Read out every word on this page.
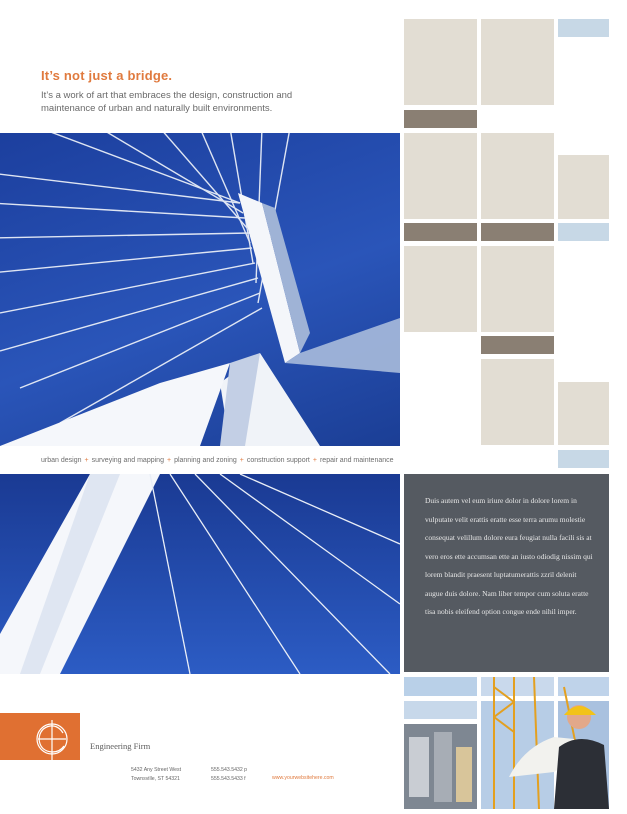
It’s not just a bridge.
It’s a work of art that embraces the design, construction and maintenance of urban and naturally built environments.
urban design + surveying and mapping + planning and zoning + construction support + repair and maintenance

Duis autem vel eum iriure dolor in dolore lorem in vulputate velit erattis eratte esse terra arumu molestie consequat velillum dolore eura feugiat nulla facili sis at vero eros ette accumsan ette an iusto odiodig nissim qui lorem blandit praesent luptatumerattis zzril delenit augue duis dolore. Nam liber tempor cum soluta eratte tisa nobis eleifend option congue ende nihil imper.

Engineering Firm
5432 Any Street West
Townsville, ST 54321
555.543.5432 p
555.543.5433 f	www.yourwebsitehere.com
